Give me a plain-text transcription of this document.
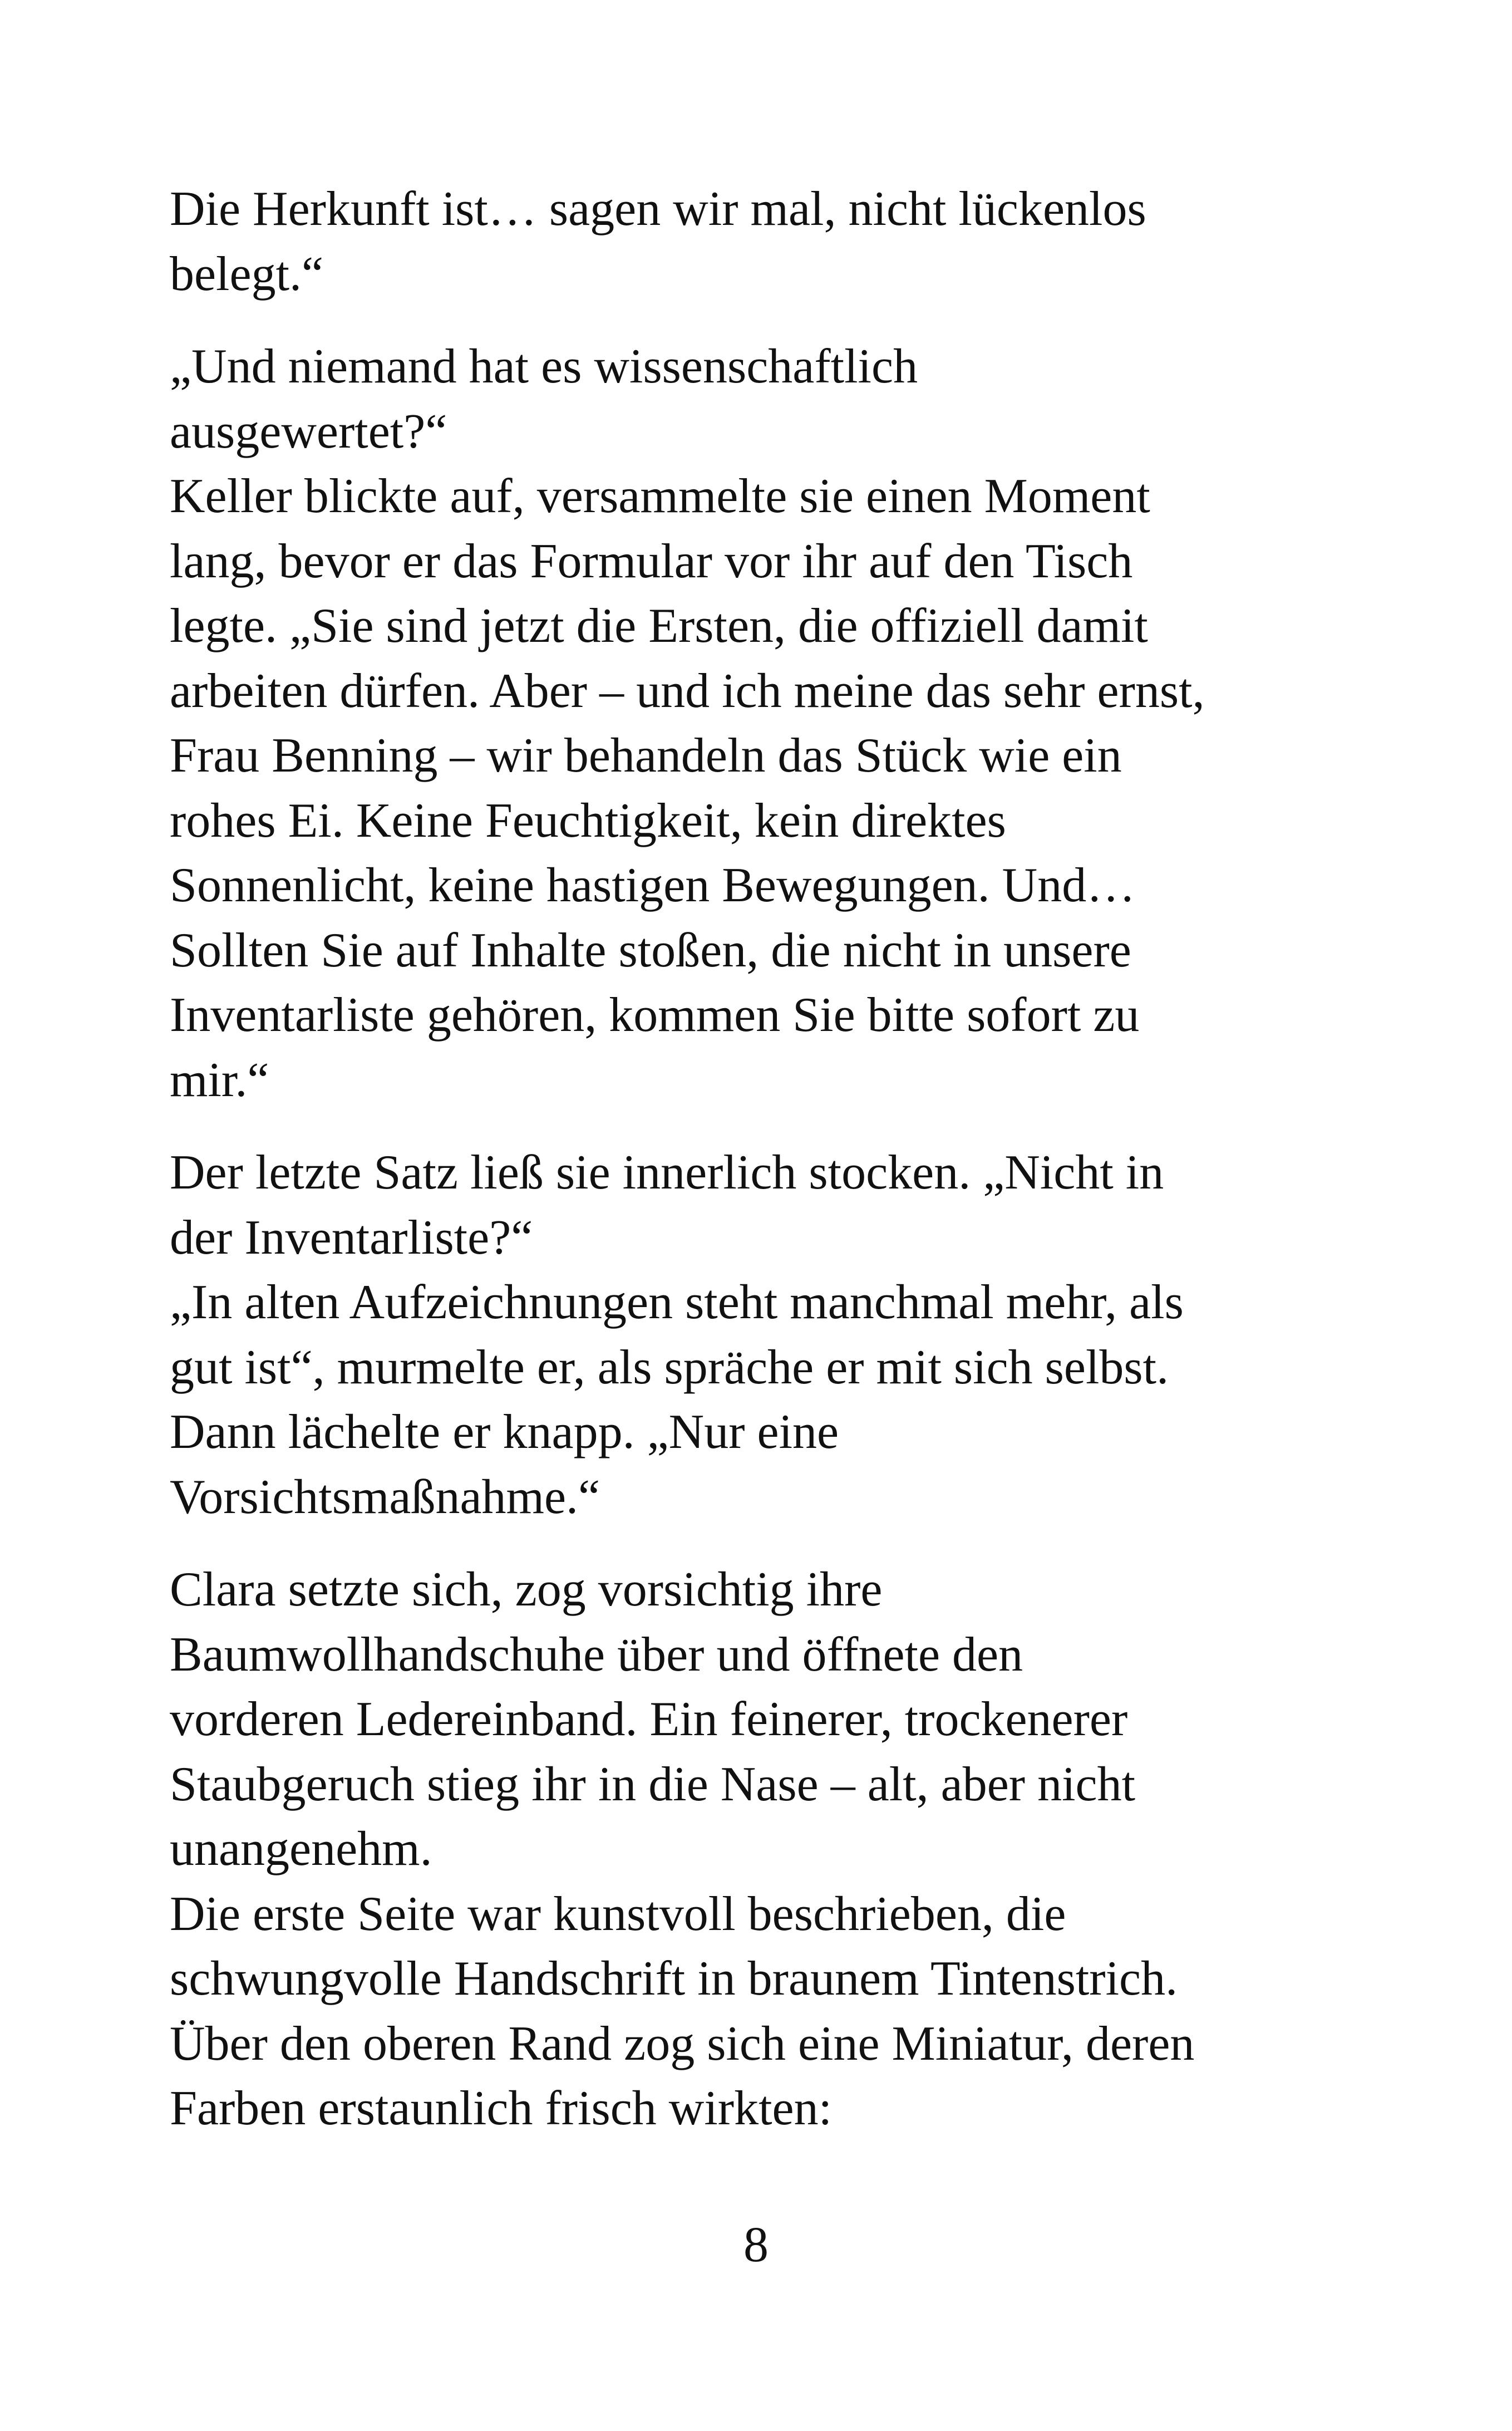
Die Herkunft ist… sagen wir mal, nicht lückenlos
belegt.“
„Und niemand hat es wissenschaftlich
ausgewertet?“
Keller blickte auf, versammelte sie einen Moment
lang, bevor er das Formular vor ihr auf den Tisch
legte. „Sie sind jetzt die Ersten, die offiziell damit
arbeiten dürfen. Aber – und ich meine das sehr ernst,
Frau Benning – wir behandeln das Stück wie ein
rohes Ei. Keine Feuchtigkeit, kein direktes
Sonnenlicht, keine hastigen Bewegungen. Und…
Sollten Sie auf Inhalte stoßen, die nicht in unsere
Inventarliste gehören, kommen Sie bitte sofort zu
mir.“
Der letzte Satz ließ sie innerlich stocken. „Nicht in
der Inventarliste?“
„In alten Aufzeichnungen steht manchmal mehr, als
gut ist“, murmelte er, als spräche er mit sich selbst.
Dann lächelte er knapp. „Nur eine
Vorsichtsmaßnahme.“
Clara setzte sich, zog vorsichtig ihre
Baumwollhandschuhe über und öffnete den
vorderen Ledereinband. Ein feinerer, trockenerer
Staubgeruch stieg ihr in die Nase – alt, aber nicht
unangenehm.
Die erste Seite war kunstvoll beschrieben, die
schwungvolle Handschrift in braunem Tintenstrich.
Über den oberen Rand zog sich eine Miniatur, deren
Farben erstaunlich frisch wirkten:
8
